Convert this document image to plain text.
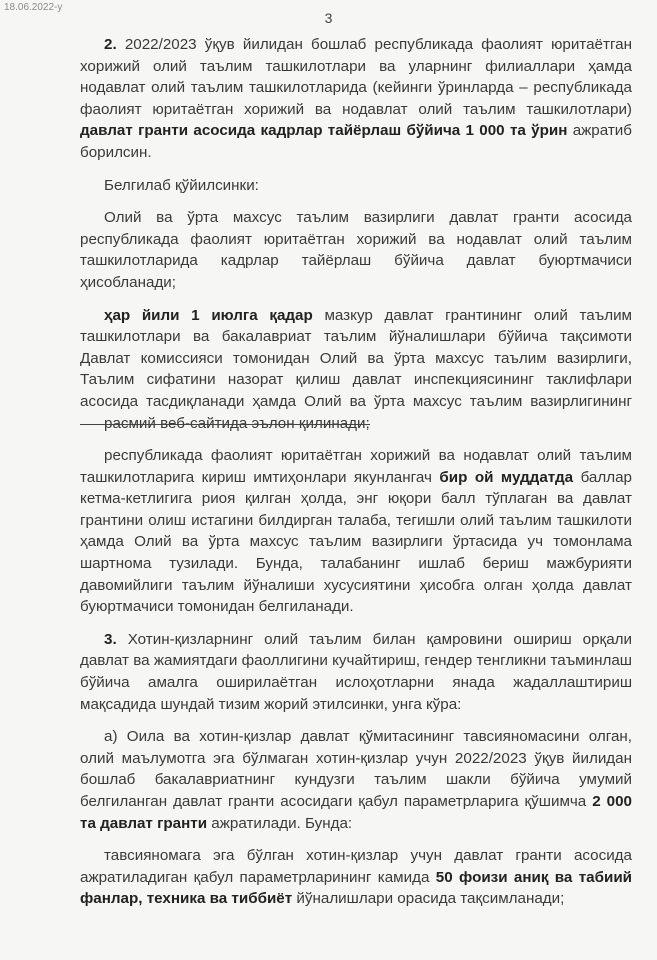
18.06.2022-у
3

2. 2022/2023 ўқув йилидан бошлаб республикада фаолият юритаётган хорижий олий таълим ташкилотлари ва уларнинг филиаллари ҳамда нодавлат олий таълим ташкилотларида (кейинги ўринларда – республикада фаолият юритаётган хорижий ва нодавлат олий таълим ташкилотлари) давлат гранти асосида кадрлар тайёрлаш бўйича 1 000 та ўрин ажратиб борилсин.

Белгилаб қўйилсинки:

Олий ва ўрта махсус таълим вазирлиги давлат гранти асосида республикада фаолият юритаётган хорижий ва нодавлат олий таълим ташкилотларида кадрлар тайёрлаш бўйича давлат буюртмачиси ҳисобланади;

ҳар йили 1 июлга қадар мазкур давлат грантининг олий таълим ташкилотлари ва бакалавриат таълим йўналишлари бўйича тақсимоти Давлат комиссияси томонидан Олий ва ўрта махсус таълим вазирлиги, Таълим сифатини назорат қилиш давлат инспекциясининг таклифлари асосида тасдиқланади ҳамда Олий ва ўрта махсус таълим вазирлигининг расмий веб-сайтида эълон қилинади;

республикада фаолият юритаётган хорижий ва нодавлат олий таълим ташкилотларига кириш имтиҳонлари якунлангач бир ой муддатда баллар кетма-кетлигига риоя қилган ҳолда, энг юқори балл тўплаган ва давлат грантини олиш истагини билдирган талаба, тегишли олий таълим ташкилоти ҳамда Олий ва ўрта махсус таълим вазирлиги ўртасида уч томонлама шартнома тузилади. Бунда, талабанинг ишлаб бериш мажбурияти давомийлиги таълим йўналиши хусусиятини ҳисобга олган ҳолда давлат буюртмачиси томонидан белгиланади.

3. Хотин-қизларнинг олий таълим билан қамровини ошириш орқали давлат ва жамиятдаги фаоллигини кучайтириш, гендер тенгликни таъминлаш бўйича амалга оширилаётган ислоҳотларни янада жадаллаштириш мақсадида шундай тизим жорий этилсинки, унга кўра:

а) Оила ва хотин-қизлар давлат қўмитасининг тавсияномасини олган, олий маълумотга эга бўлмаган хотин-қизлар учун 2022/2023 ўқув йилидан бошлаб бакалавриатнинг кундузги таълим шакли бўйича умумий белгиланган давлат гранти асосидаги қабул параметрларига қўшимча 2 000 та давлат гранти ажратилади. Бунда:

тавсияномага эга бўлган хотин-қизлар учун давлат гранти асосида ажратиладиган қабул параметрларининг камида 50 фоизи аниқ ва табиий фанлар, техника ва тиббиёт йўналишлари орасида тақсимланади;
